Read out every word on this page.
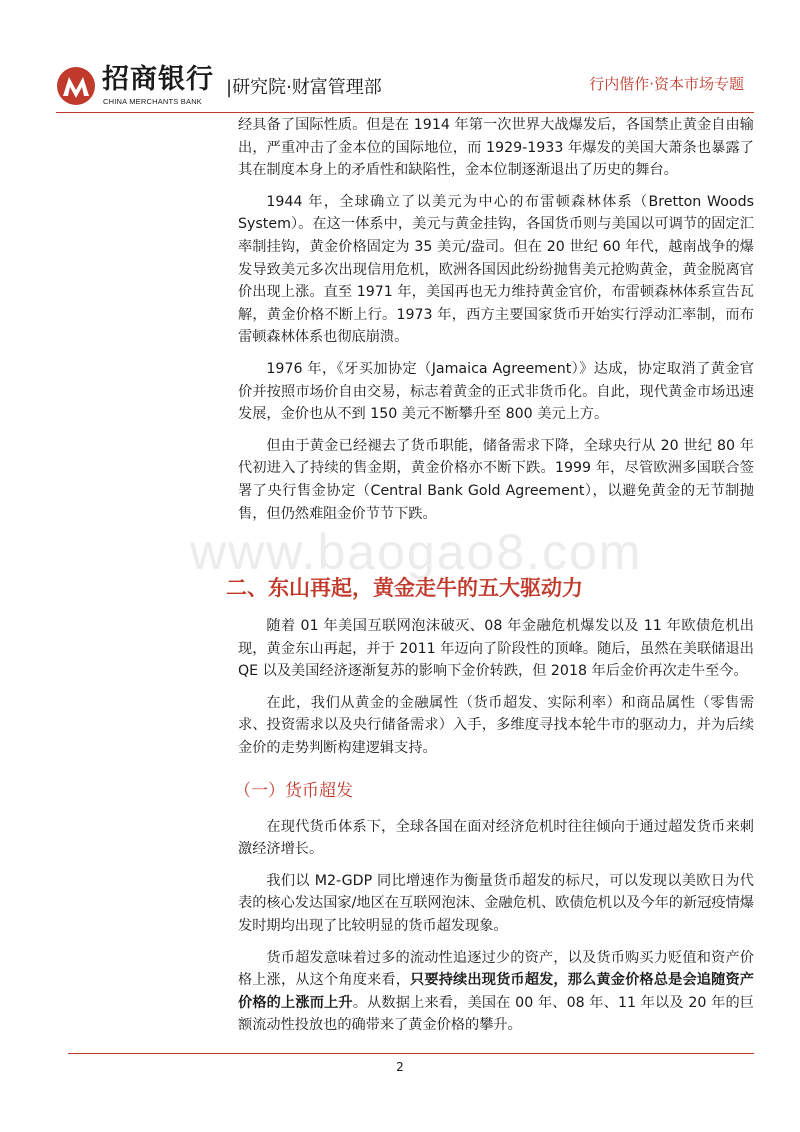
招商银行
CHINA MERCHANTS BANK
|研究院·财富管理部	行内偕作·资本市场专题
www.baogao8.com

经具备了国际性质。但是在 1914 年第一次世界大战爆发后，各国禁止黄金自由输出，严重冲击了金本位的国际地位，而 1929-1933 年爆发的美国大萧条也暴露了其在制度本身上的矛盾性和缺陷性，金本位制逐渐退出了历史的舞台。

1944 年，全球确立了以美元为中心的布雷顿森林体系（Bretton Woods System）。在这一体系中，美元与黄金挂钩，各国货币则与美国以可调节的固定汇率制挂钩，黄金价格固定为 35 美元/盎司。但在 20 世纪 60 年代，越南战争的爆发导致美元多次出现信用危机，欧洲各国因此纷纷抛售美元抢购黄金，黄金脱离官价出现上涨。直至 1971 年，美国再也无力维持黄金官价，布雷顿森林体系宣告瓦解，黄金价格不断上行。1973 年，西方主要国家货币开始实行浮动汇率制，而布雷顿森林体系也彻底崩溃。

1976 年，《牙买加协定（Jamaica Agreement）》达成，协定取消了黄金官价并按照市场价自由交易，标志着黄金的正式非货币化。自此，现代黄金市场迅速发展，金价也从不到 150 美元不断攀升至 800 美元上方。

但由于黄金已经褪去了货币职能，储备需求下降，全球央行从 20 世纪 80 年代初进入了持续的售金期，黄金价格亦不断下跌。1999 年，尽管欧洲多国联合签署了央行售金协定（Central Bank Gold Agreement），以避免黄金的无节制抛售，但仍然难阻金价节节下跌。

二、东山再起，黄金走牛的五大驱动力

随着 01 年美国互联网泡沫破灭、08 年金融危机爆发以及 11 年欧债危机出现，黄金东山再起，并于 2011 年迈向了阶段性的顶峰。随后，虽然在美联储退出 QE 以及美国经济逐渐复苏的影响下金价转跌，但 2018 年后金价再次走牛至今。

在此，我们从黄金的金融属性（货币超发、实际利率）和商品属性（零售需求、投资需求以及央行储备需求）入手，多维度寻找本轮牛市的驱动力，并为后续金价的走势判断构建逻辑支持。

（一）货币超发

在现代货币体系下，全球各国在面对经济危机时往往倾向于通过超发货币来刺激经济增长。

我们以 M2-GDP 同比增速作为衡量货币超发的标尺，可以发现以美欧日为代表的核心发达国家/地区在互联网泡沫、金融危机、欧债危机以及今年的新冠疫情爆发时期均出现了比较明显的货币超发现象。

货币超发意味着过多的流动性追逐过少的资产，以及货币购买力贬值和资产价格上涨，从这个角度来看，只要持续出现货币超发，那么黄金价格总是会追随资产价格的上涨而上升。从数据上来看，美国在 00 年、08 年、11 年以及 20 年的巨额流动性投放也的确带来了黄金价格的攀升。

2
